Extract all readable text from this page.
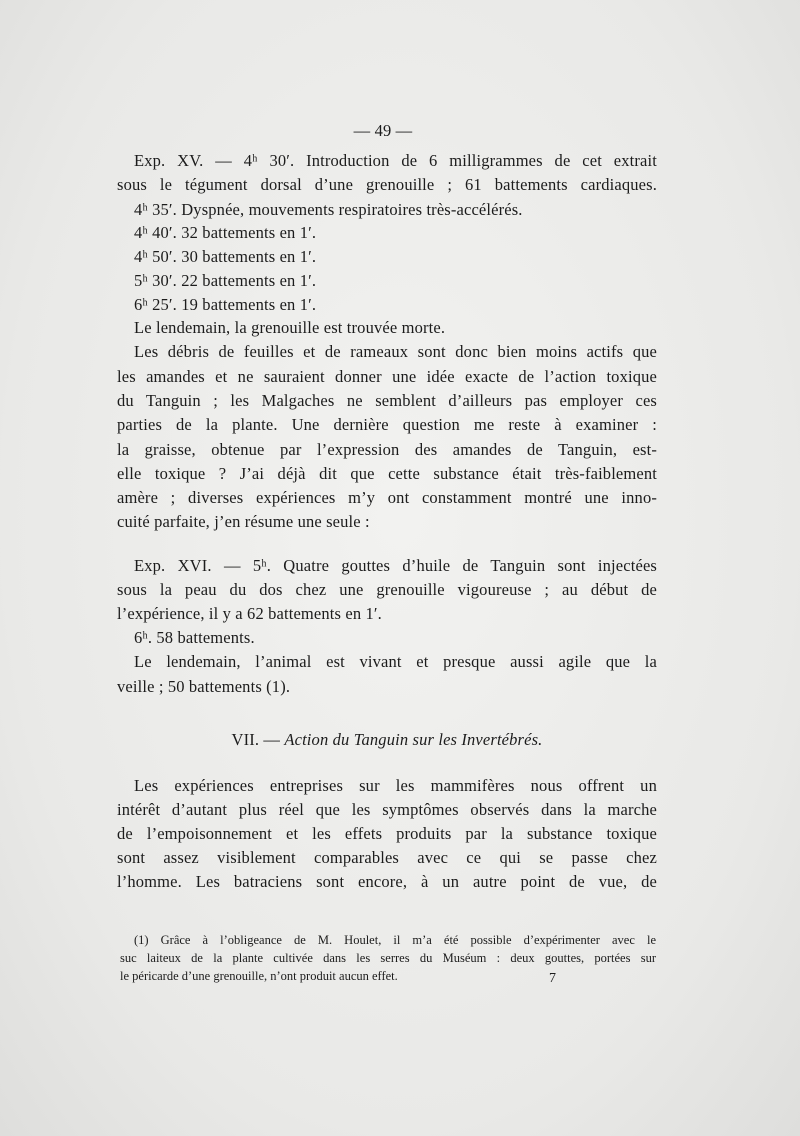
— 49 —
Exp. XV. — 4ʰ 30′. Introduction de 6 milligrammes de cet extrait
sous le tégument dorsal d’une grenouille ; 61 battements cardiaques.
4ʰ 35′. Dyspnée, mouvements respiratoires très-accélérés.
4ʰ 40′. 32 battements en 1′.
4ʰ 50′. 30 battements en 1′.
5ʰ 30′. 22 battements en 1′.
6ʰ 25′. 19 battements en 1′.
Le lendemain, la grenouille est trouvée morte.
Les débris de feuilles et de rameaux sont donc bien moins actifs que
les amandes et ne sauraient donner une idée exacte de l’action toxique
du Tanguin ; les Malgaches ne semblent d’ailleurs pas employer ces
parties de la plante. Une dernière question me reste à examiner :
la graisse, obtenue par l’expression des amandes de Tanguin, est-
elle toxique ? J’ai déjà dit que cette substance était très-faiblement
amère ; diverses expériences m’y ont constamment montré une inno-
cuité parfaite, j’en résume une seule :
Exp. XVI. — 5ʰ. Quatre gouttes d’huile de Tanguin sont injectées
sous la peau du dos chez une grenouille vigoureuse ; au début de
l’expérience, il y a 62 battements en 1′.
6ʰ. 58 battements.
Le lendemain, l’animal est vivant et presque aussi agile que la
veille ; 50 battements (1).
VII. — Action du Tanguin sur les Invertébrés.
Les expériences entreprises sur les mammifères nous offrent un
intérêt d’autant plus réel que les symptômes observés dans la marche
de l’empoisonnement et les effets produits par la substance toxique
sont assez visiblement comparables avec ce qui se passe chez
l’homme. Les batraciens sont encore, à un autre point de vue, de
(1) Grâce à l’obligeance de M. Houlet, il m’a été possible d’expérimenter avec le
suc laiteux de la plante cultivée dans les serres du Muséum : deux gouttes, portées sur
le péricarde d’une grenouille, n’ont produit aucun effet.	7
